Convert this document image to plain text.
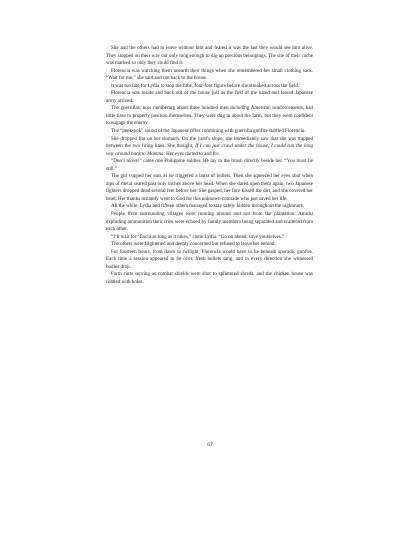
She and the others had to leave without him and feared it was the last they would see him alive. They stopped on their way out only long enough to dig up precious belongings. The site of their cache was marked so only they could find it.

Florencia was watching them unearth their things when she remembered her small clothing sack. “Wait for me,” she said and ran back to the house.

It was too late for Lydia to stop the lithe, four-foot figure before she streaked across the field.

Florencia was inside and back out of the house just as the first of the hated and feared Japanese army arrived.

The guerrillas, now numbering about three hundred men including American reinforcements, had little time to properly position themselves. They were dug in about the farm, but they were confident to engage the enemy.

The “peek-pok” sound of the Japanese rifles combining with guerrilla gunfire startled Florencia.

She dropped flat on her stomach. On the yard’s slope, she immediately saw that she was trapped between the two firing lines. She thought, If I can just crawl under the house, I could run the long way around back to Mamma. Her eyes darted to and fro.

“Don’t move!” came one Philippine soldier. He lay in the brush directly beside her. “You must lie still.”

The girl cupped her ears as he triggered a burst of bullets. Then she squeezed her eyes shut when zips of metal seared past only inches above her head. When she dared open them again, two Japanese fighters dropped dead several feet before her. She gasped, her face kissed the dirt, and she covered her head. Her thanks instantly went to God for this unknown comrade who just saved her life.

All the while, Lydia and fifteen others managed to stay safely hidden throughout the nightmare.

People from surrounding villages were running around and out from the plantation. Amidst exploding ammunition their cries were echoed by family members being separated and scattered from each other.

“I’ll wait for ‘Encia as long as it takes,” came Lydia. “Go on ahead; save yourselves.”

The others were frightened and deeply concerned but refused to leave her behind.

For fourteen hours, from dawn to twilight, Florencia would have to lie beneath sporadic gunfire. Each time a session appeared to be over, fresh bullets sang, and in every direction she witnessed bodies drop.

Farm carts serving as combat shields were shot to splintered shreds, and the chicken house was riddled with holes.

67
